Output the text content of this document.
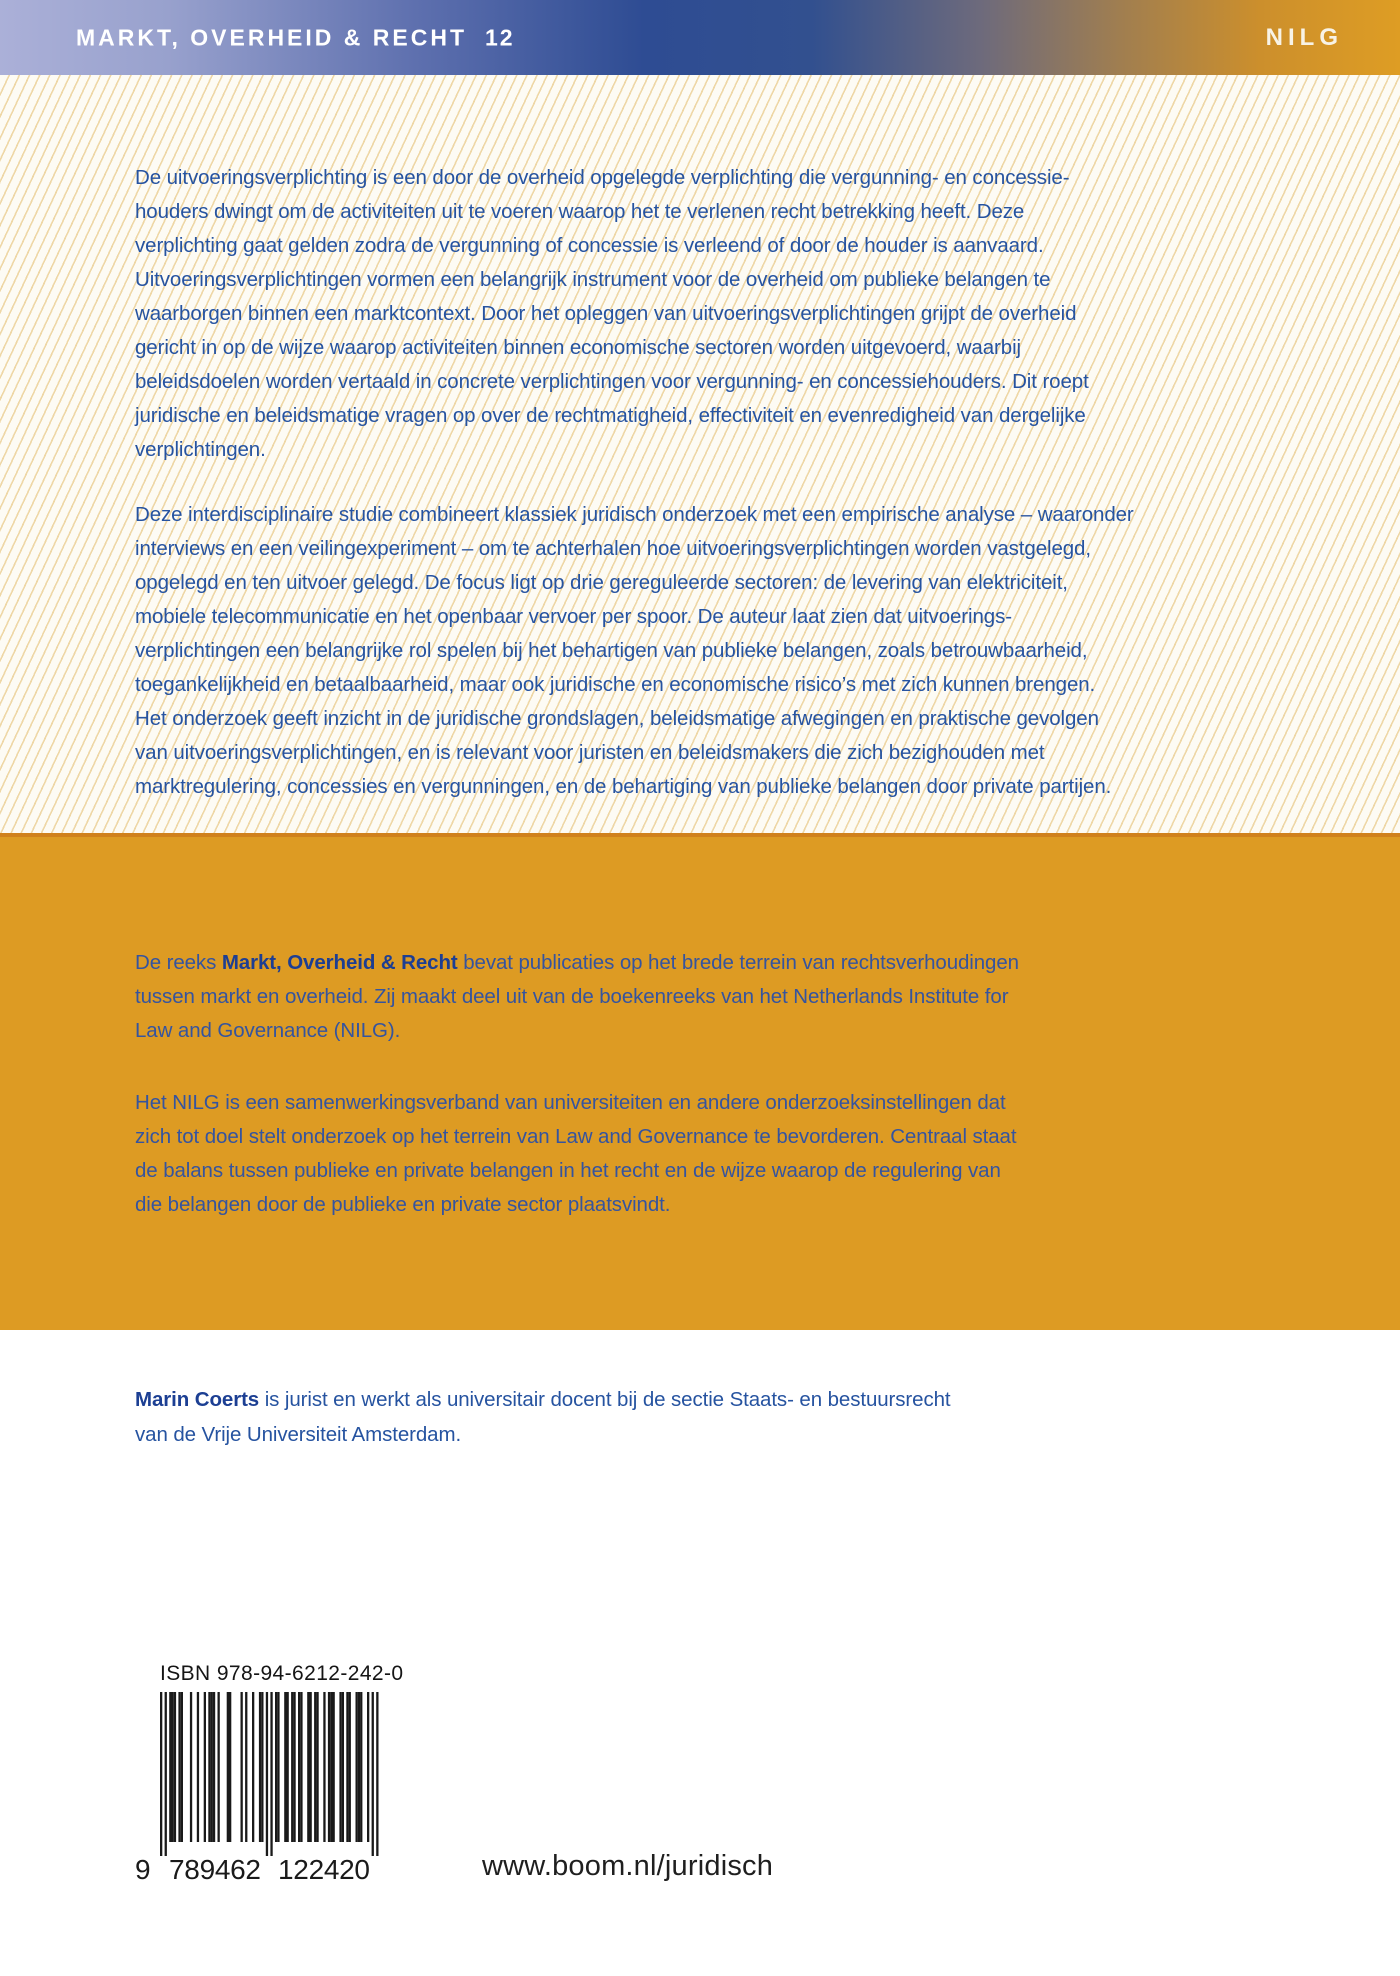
MARKT, OVERHEID & RECHT 12	NILG
De uitvoeringsverplichting is een door de overheid opgelegde verplichting die vergunning- en concessie-
houders dwingt om de activiteiten uit te voeren waarop het te verlenen recht betrekking heeft. Deze
verplichting gaat gelden zodra de vergunning of concessie is verleend of door de houder is aanvaard.
Uitvoeringsverplichtingen vormen een belangrijk instrument voor de overheid om publieke belangen te
waarborgen binnen een marktcontext. Door het opleggen van uitvoeringsverplichtingen grijpt de overheid
gericht in op de wijze waarop activiteiten binnen economische sectoren worden uitgevoerd, waarbij
beleidsdoelen worden vertaald in concrete verplichtingen voor vergunning- en concessiehouders. Dit roept
juridische en beleidsmatige vragen op over de rechtmatigheid, effectiviteit en evenredigheid van dergelijke
verplichtingen.
Deze interdisciplinaire studie combineert klassiek juridisch onderzoek met een empirische analyse – waaronder
interviews en een veilingexperiment – om te achterhalen hoe uitvoeringsverplichtingen worden vastgelegd,
opgelegd en ten uitvoer gelegd. De focus ligt op drie gereguleerde sectoren: de levering van elektriciteit,
mobiele telecommunicatie en het openbaar vervoer per spoor. De auteur laat zien dat uitvoerings-
verplichtingen een belangrijke rol spelen bij het behartigen van publieke belangen, zoals betrouwbaarheid,
toegankelijkheid en betaalbaarheid, maar ook juridische en economische risico’s met zich kunnen brengen.
Het onderzoek geeft inzicht in de juridische grondslagen, beleidsmatige afwegingen en praktische gevolgen
van uitvoeringsverplichtingen, en is relevant voor juristen en beleidsmakers die zich bezighouden met
marktregulering, concessies en vergunningen, en de behartiging van publieke belangen door private partijen.
De reeks Markt, Overheid & Recht bevat publicaties op het brede terrein van rechtsverhoudingen
tussen markt en overheid. Zij maakt deel uit van de boekenreeks van het Netherlands Institute for
Law and Governance (NILG).
Het NILG is een samenwerkingsverband van universiteiten en andere onderzoeksinstellingen dat
zich tot doel stelt onderzoek op het terrein van Law and Governance te bevorderen. Centraal staat
de balans tussen publieke en private belangen in het recht en de wijze waarop de regulering van
die belangen door de publieke en private sector plaatsvindt.
Marin Coerts is jurist en werkt als universitair docent bij de sectie Staats- en bestuursrecht
van de Vrije Universiteit Amsterdam.
ISBN 978-94-6212-242-0
9 789462 122420	www.boom.nl/juridisch
